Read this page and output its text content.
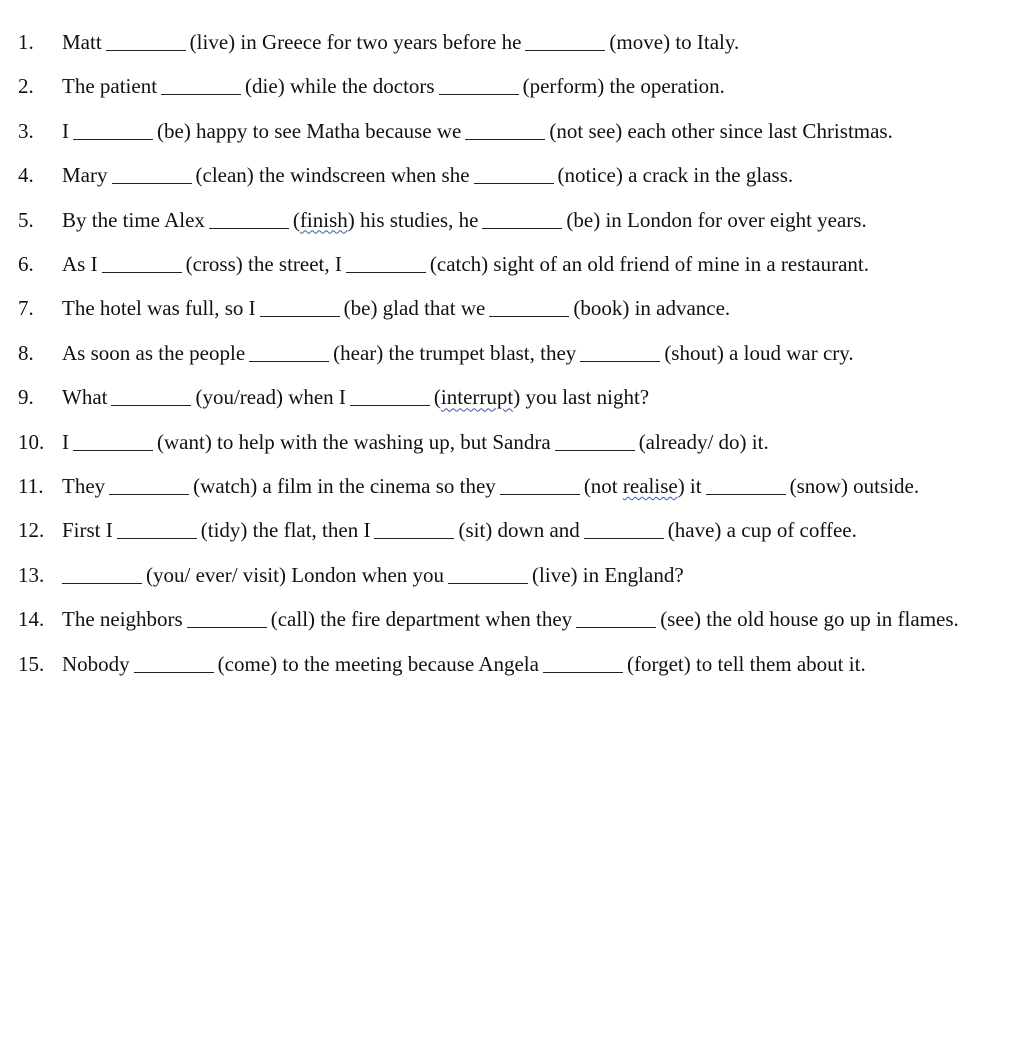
1.	Matt	(live) in Greece for two years before he	(move) to Italy.
2.	The patient	(die) while the doctors	(perform) the operation.
3.	I	(be) happy to see Matha because we	(not see) each other since last Christmas.
4.	Mary	(clean) the windscreen when she	(notice) a crack in the glass.
5.	By the time Alex	(finish) his studies, he	(be) in London for over eight years.
6.	As I	(cross) the street, I	(catch) sight of an old friend of mine in a restaurant.
7.	The hotel was full, so I	(be) glad that we	(book) in advance.
8.	As soon as the people	(hear) the trumpet blast, they	(shout) a loud war cry.
9.	What	(you/read) when I	(interrupt) you last night?
10. I	(want) to help with the washing up, but Sandra	(already/ do) it.
11. They	(watch) a film in the cinema so they	(not realise) it	(snow) outside.
12. First I	(tidy) the flat, then I	(sit) down and	(have) a cup of coffee.
13.	(you/ ever/ visit) London when you	(live) in England?
14. The neighbors	(call) the fire department when they	(see) the old house go up in flames.
15. Nobody	(come) to the meeting because Angela	(forget) to tell them about it.
